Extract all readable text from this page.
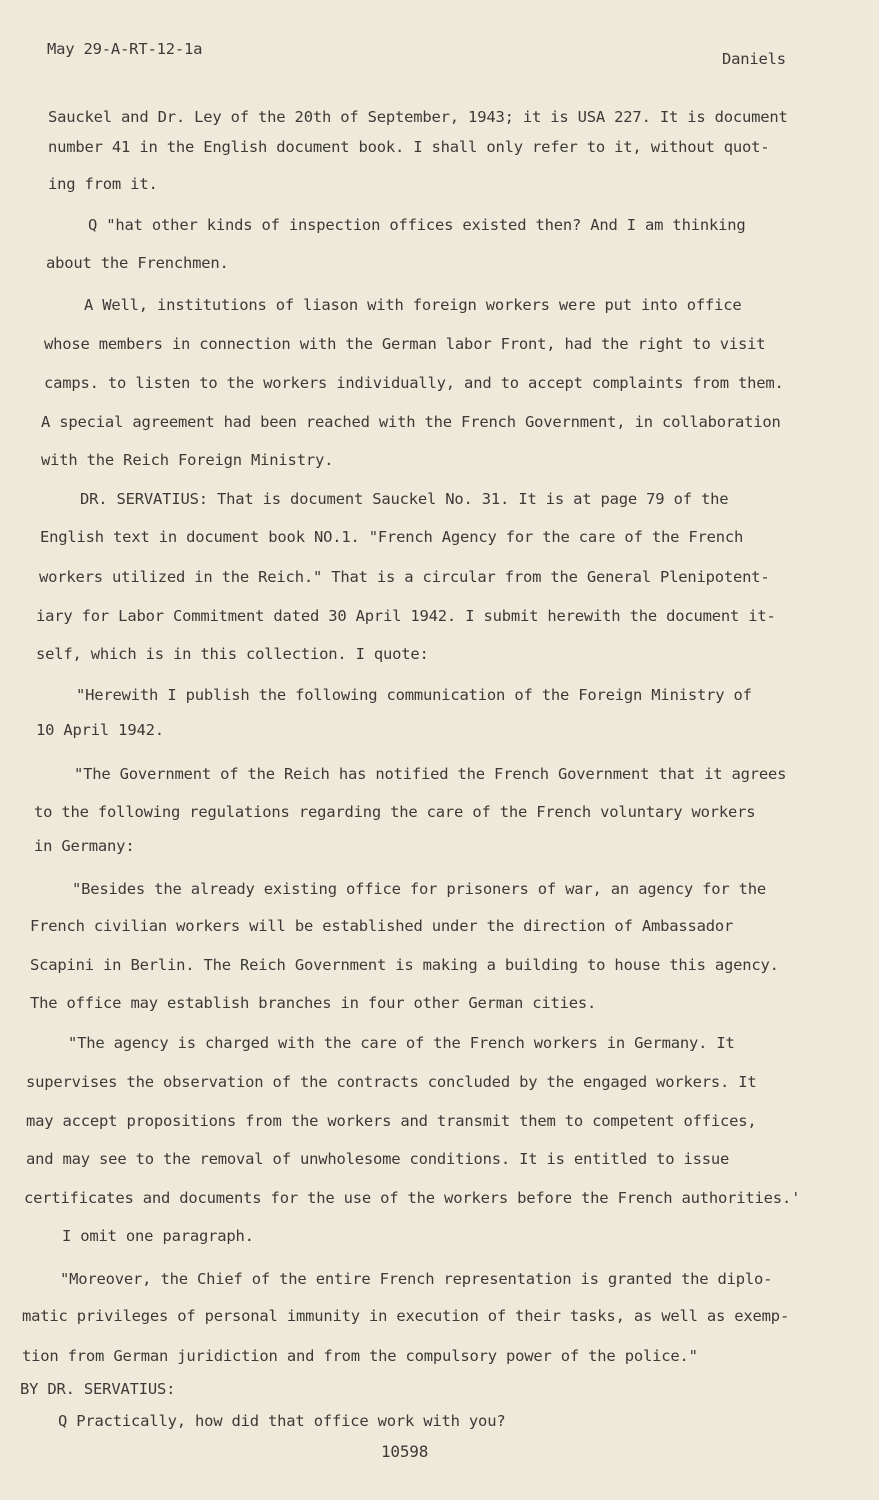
May 29-A-RT-12-1a
Daniels
Sauckel and Dr. Ley of the 20th of September, 1943; it is USA 227. It is document
number 41 in the English document book. I shall only refer to it, without quot-
ing from it.
Q "hat other kinds of inspection offices existed then? And I am thinking
about the Frenchmen.
A Well, institutions of liason with foreign workers were put into office
whose members in connection with the German labor Front, had the right to visit
camps. to listen to the workers individually, and to accept complaints from them.
A special agreement had been reached with the French Government, in collaboration
with the Reich Foreign Ministry.
DR. SERVATIUS: That is document Sauckel No. 31. It is at page 79 of the
English text in document book NO.1. "French Agency for the care of the French
workers utilized in the Reich." That is a circular from the General Plenipotent-
iary for Labor Commitment dated 30 April 1942. I submit herewith the document it-
self, which is in this collection. I quote:
"Herewith I publish the following communication of the Foreign Ministry of
10 April 1942.
"The Government of the Reich has notified the French Government that it agrees
to the following regulations regarding the care of the French voluntary workers
in Germany:
"Besides the already existing office for prisoners of war, an agency for the
French civilian workers will be established under the direction of Ambassador
Scapini in Berlin. The Reich Government is making a building to house this agency.
The office may establish branches in four other German cities.
"The agency is charged with the care of the French workers in Germany. It
supervises the observation of the contracts concluded by the engaged workers. It
may accept propositions from the workers and transmit them to competent offices,
and may see to the removal of unwholesome conditions. It is entitled to issue
certificates and documents for the use of the workers before the French authorities.'
I omit one paragraph.
"Moreover, the Chief of the entire French representation is granted the diplo-
matic privileges of personal immunity in execution of their tasks, as well as exemp-
tion from German juridiction and from the compulsory power of the police."
BY DR. SERVATIUS:
Q Practically, how did that office work with you?
10598
